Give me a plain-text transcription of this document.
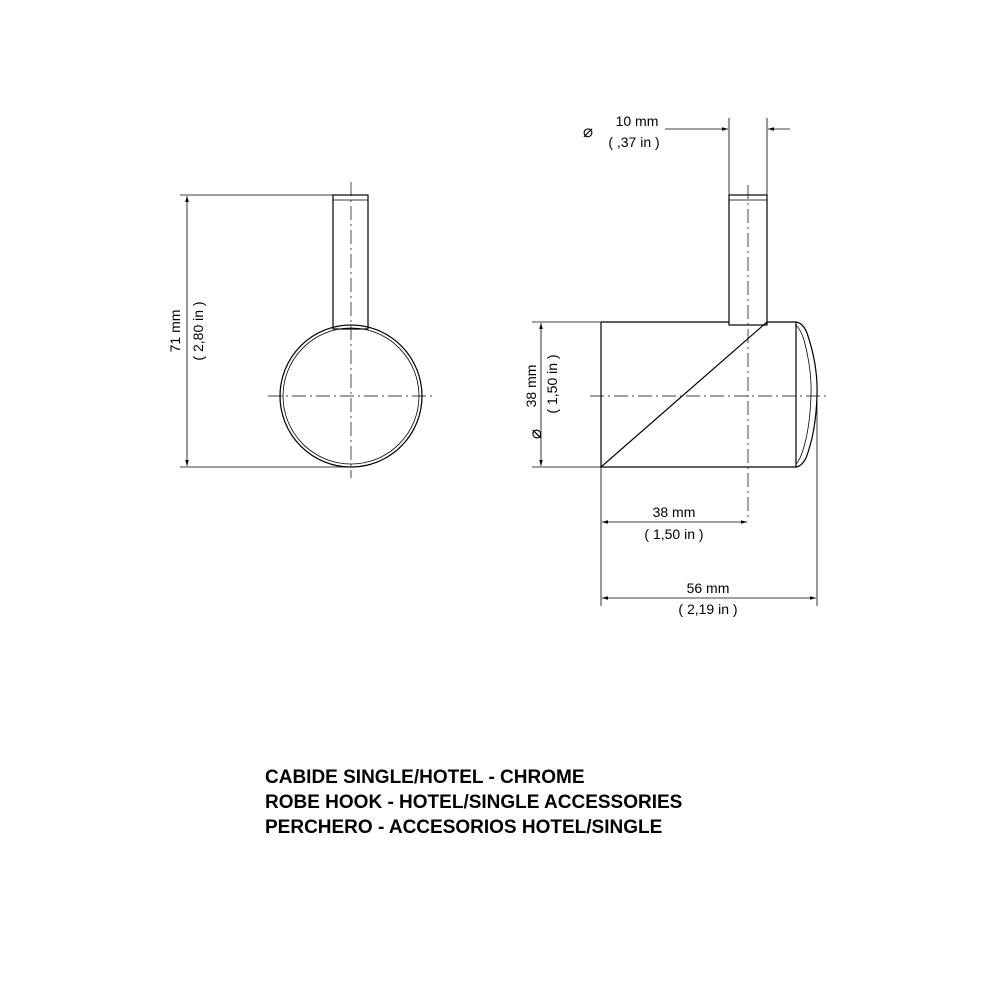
71 mm ( 2,80 in )
⌀
10 mm
( ,37 in )
⌀
38 mm ( 1,50 in )
38 mm
( 1,50 in )
56 mm
( 2,19 in )
CABIDE SINGLE/HOTEL - CHROME
ROBE HOOK - HOTEL/SINGLE ACCESSORIES
PERCHERO - ACCESORIOS HOTEL/SINGLE
